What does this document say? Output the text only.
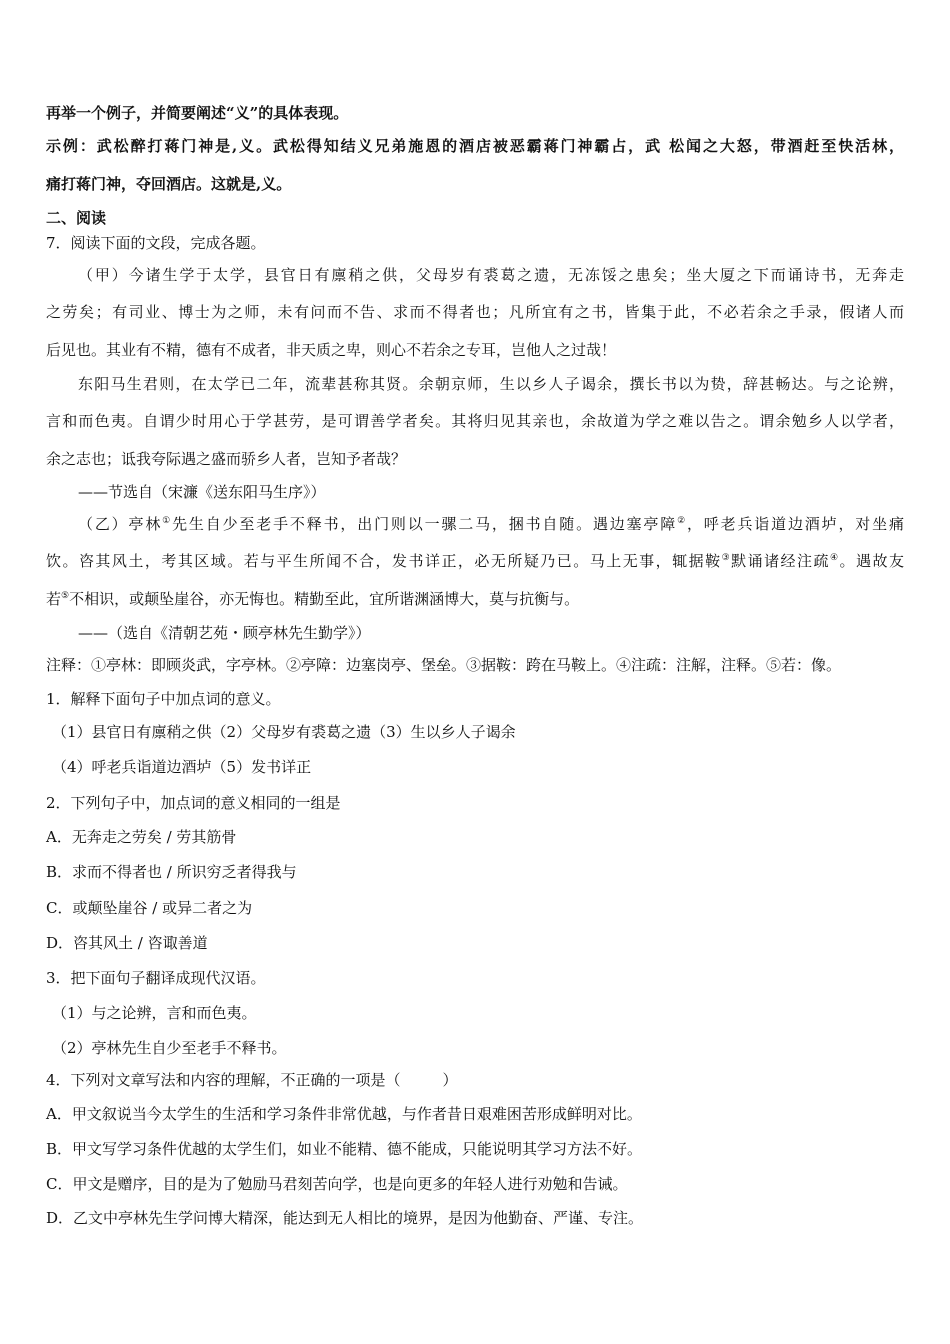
再举一个例子，并简要阐述“义”的具体表现。
示例：武松醉打蒋门神是,义。武松得知结义兄弟施恩的酒店被恶霸蒋门神霸占，武 松闻之大怒，带酒赶至快活林，
痛打蒋门神，夺回酒店。这就是,义。
二、阅读
7．阅读下面的文段，完成各题。
（甲）今诸生学于太学，县官日有廪稍之供，父母岁有裘葛之遗，无冻馁之患矣；坐大厦之下而诵诗书，无奔走
之劳矣；有司业、博士为之师，未有问而不告、求而不得者也；凡所宜有之书，皆集于此，不必若余之手录，假诸人而
后见也。其业有不精，德有不成者，非天质之卑，则心不若余之专耳，岂他人之过哉！
东阳马生君则，在太学已二年，流辈甚称其贤。余朝京师，生以乡人子谒余，撰长书以为贽，辞甚畅达。与之论辨，
言和而色夷。自谓少时用心于学甚劳，是可谓善学者矣。其将归见其亲也，余故道为学之难以告之。谓余勉乡人以学者，
余之志也；诋我夸际遇之盛而骄乡人者，岂知予者哉？
——节选自（宋濂《送东阳马生序》）
（乙）亭林①先生自少至老手不释书，出门则以一骡二马，捆书自随。遇边塞亭障②，呼老兵诣道边酒垆，对坐痛
饮。咨其风土，考其区域。若与平生所闻不合，发书详正，必无所疑乃已。马上无事，辄据鞍③默诵诸经注疏④。遇故友
若⑤不相识，或颠坠崖谷，亦无悔也。精勤至此，宜所谐渊涵博大，莫与抗衡与。
——（选自《清朝艺苑・顾亭林先生勤学》）
注释：①亭林：即顾炎武，字亭林。②亭障：边塞岗亭、堡垒。③据鞍：跨在马鞍上。④注疏：注解，注释。⑤若：像。
1．解释下面句子中加点词的意义。
（1）县官日有廪稍之供（2）父母岁有裘葛之遗（3）生以乡人子谒余
（4）呼老兵诣道边酒垆（5）发书详正
2．下列句子中，加点词的意义相同的一组是
A．无奔走之劳矣 / 劳其筋骨
B．求而不得者也 / 所识穷乏者得我与
C．或颠坠崖谷 / 或异二者之为
D．咨其风土 / 咨诹善道
3．把下面句子翻译成现代汉语。
（1）与之论辨，言和而色夷。
（2）亭林先生自少至老手不释书。
4．下列对文章写法和内容的理解，不正确的一项是（	）
A．甲文叙说当今太学生的生活和学习条件非常优越，与作者昔日艰难困苦形成鲜明对比。
B．甲文写学习条件优越的太学生们，如业不能精、德不能成，只能说明其学习方法不好。
C．甲文是赠序，目的是为了勉励马君刻苦向学，也是向更多的年轻人进行劝勉和告诫。
D．乙文中亭林先生学问博大精深，能达到无人相比的境界，是因为他勤奋、严谨、专注。
